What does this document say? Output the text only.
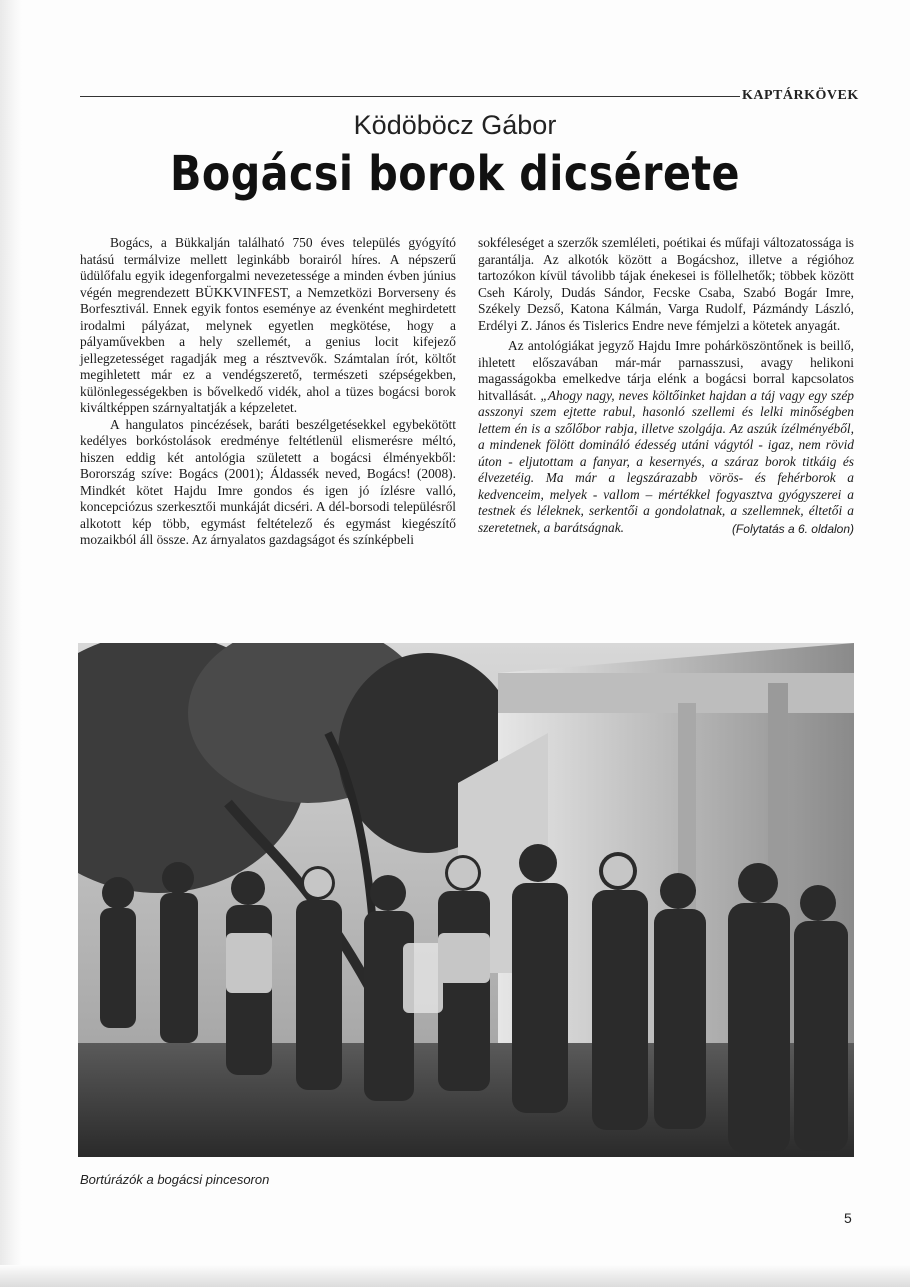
KAPTÁRKÖVEK
Ködöböcz Gábor
Bogácsi borok dicsérete

Bogács, a Bükkalján található 750 éves település gyógyító hatású termálvize mellett leginkább borairól híres. A népszerű üdülőfalu egyik idegenforgalmi nevezetessége a minden évben június végén megrendezett BÜKKVINFEST, a Nemzetközi Borverseny és Borfesztivál. Ennek egyik fontos eseménye az évenként meghirdetett irodalmi pályázat, melynek egyetlen megkötése, hogy a pályaművekben a hely szellemét, a genius locit kifejező jellegzetességet ragadják meg a résztvevők. Számtalan írót, költőt megihletett már ez a vendégszerető, természeti szépségekben, különlegességekben is bővelkedő vidék, ahol a tüzes bogácsi borok kiváltképpen szárnyaltatják a képzeletet.

A hangulatos pincézések, baráti beszélgetésekkel egybekötött kedélyes borkóstolások eredménye feltétlenül elismerésre méltó, hiszen eddig két antológia született a bogácsi élményekből: Borország szíve: Bogács (2001); Áldassék neved, Bogács! (2008). Mindkét kötet Hajdu Imre gondos és igen jó ízlésre valló, koncepciózus szerkesztői munkáját dicséri. A dél-borsodi településről alkotott kép több, egymást feltételező és egymást kiegészítő mozaikból áll össze. Az árnyalatos gazdagságot és színképbeli

sokféleséget a szerzők szemléleti, poétikai és műfaji változatossága is garantálja. Az alkotók között a Bogácshoz, illetve a régióhoz tartozókon kívül távolibb tájak énekesei is föllelhetők; többek között Cseh Károly, Dudás Sándor, Fecske Csaba, Szabó Bogár Imre, Székely Dezső, Katona Kálmán, Varga Rudolf, Pázmándy László, Erdélyi Z. János és Tislerics Endre neve fémjelzi a kötetek anyagát.

Az antológiákat jegyző Hajdu Imre pohárköszöntőnek is beillő, ihletett előszavában már-már parnasszusi, avagy helikoni magasságokba emelkedve tárja elénk a bogácsi borral kapcsolatos hitvallását. „Ahogy nagy, neves költőinket hajdan a táj vagy egy szép asszonyi szem ejtette rabul, hasonló szellemi és lelki minőségben lettem én is a szőlőbor rabja, illetve szolgája. Az aszúk ízélményéből, a mindenek fölött domináló édesség utáni vágytól - igaz, nem rövid úton - eljutottam a fanyar, a kesernyés, a száraz borok titkáig és élvezetéig. Ma már a legszárazabb vörös- és fehérborok a kedvenceim, melyek - vallom – mértékkel fogyasztva gyógyszerei a testnek és léleknek, serkentői a gondolatnak, a szellemnek, éltetői a szeretetnek, a barátságnak.	(Folytatás a 6. oldalon)

Bortúrázók a bogácsi pincesoron
5
